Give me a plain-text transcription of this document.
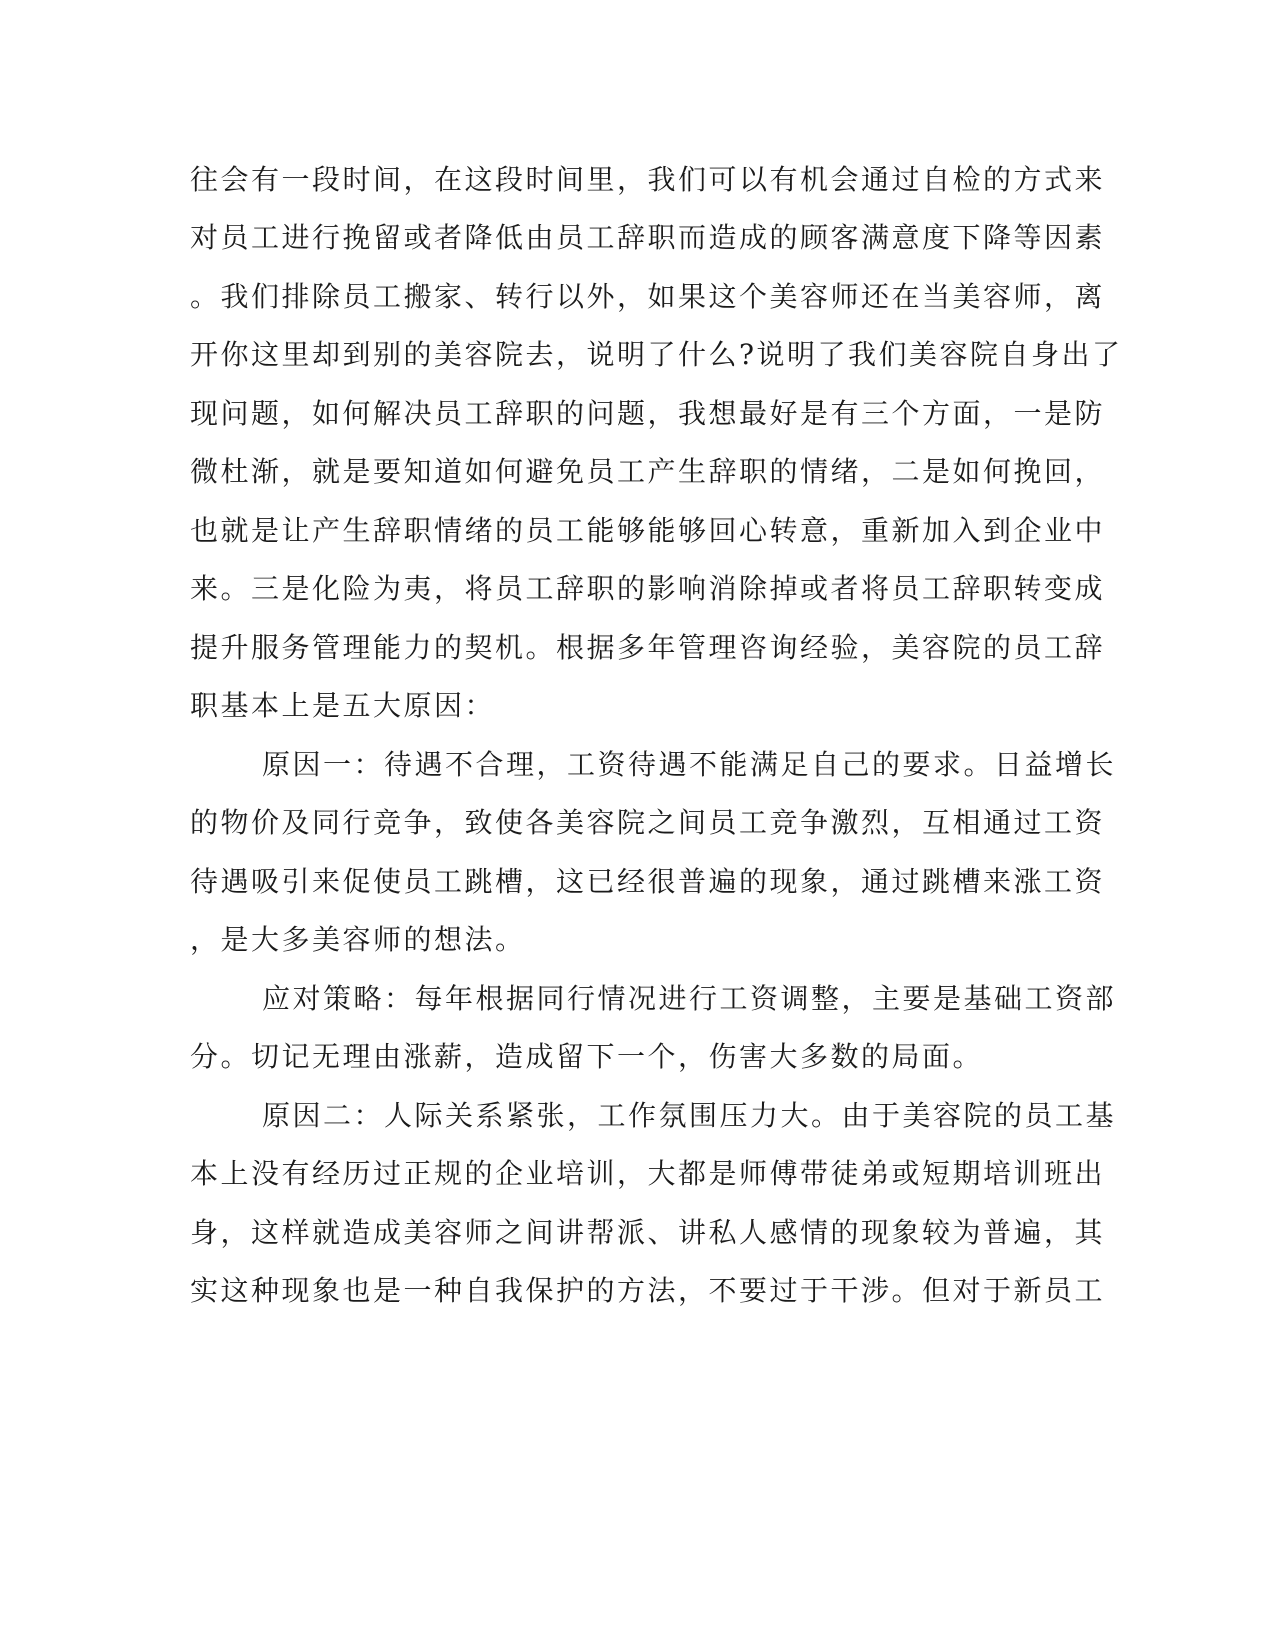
往会有一段时间，在这段时间里，我们可以有机会通过自检的方式来
对员工进行挽留或者降低由员工辞职而造成的顾客满意度下降等因素
。我们排除员工搬家、转行以外，如果这个美容师还在当美容师，离
开你这里却到别的美容院去，说明了什么?说明了我们美容院自身出了
现问题，如何解决员工辞职的问题，我想最好是有三个方面，一是防
微杜渐，就是要知道如何避免员工产生辞职的情绪，二是如何挽回，
也就是让产生辞职情绪的员工能够能够回心转意，重新加入到企业中
来。三是化险为夷，将员工辞职的影响消除掉或者将员工辞职转变成
提升服务管理能力的契机。根据多年管理咨询经验，美容院的员工辞
职基本上是五大原因：
原因一：待遇不合理，工资待遇不能满足自己的要求。日益增长
的物价及同行竞争，致使各美容院之间员工竞争激烈，互相通过工资
待遇吸引来促使员工跳槽，这已经很普遍的现象，通过跳槽来涨工资
，是大多美容师的想法。
应对策略：每年根据同行情况进行工资调整，主要是基础工资部
分。切记无理由涨薪，造成留下一个，伤害大多数的局面。
原因二：人际关系紧张，工作氛围压力大。由于美容院的员工基
本上没有经历过正规的企业培训，大都是师傅带徒弟或短期培训班出
身，这样就造成美容师之间讲帮派、讲私人感情的现象较为普遍，其
实这种现象也是一种自我保护的方法，不要过于干涉。但对于新员工
